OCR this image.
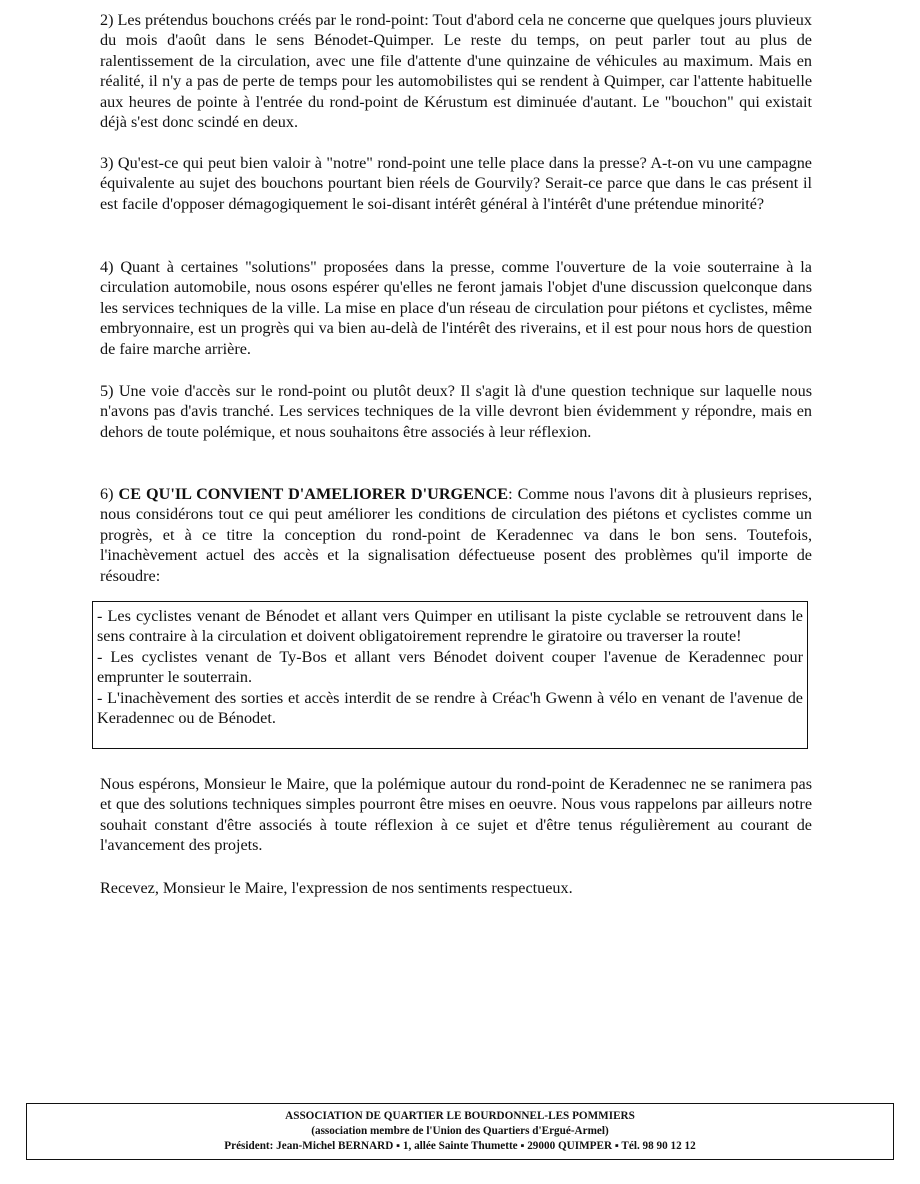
2) Les prétendus bouchons créés par le rond-point: Tout d'abord cela ne concerne que quelques jours pluvieux du mois d'août dans le sens Bénodet-Quimper. Le reste du temps, on peut parler tout au plus de ralentissement de la circulation, avec une file d'attente d'une quinzaine de véhicules au maximum. Mais en réalité, il n'y a pas de perte de temps pour les automobilistes qui se rendent à Quimper, car l'attente habituelle aux heures de pointe à l'entrée du rond-point de Kérustum est diminuée d'autant. Le "bouchon" qui existait déjà s'est donc scindé en deux.

3) Qu'est-ce qui peut bien valoir à "notre" rond-point une telle place dans la presse? A-t-on vu une campagne équivalente au sujet des bouchons pourtant bien réels de Gourvily? Serait-ce parce que dans le cas présent il est facile d'opposer démagogiquement le soi-disant intérêt général à l'intérêt d'une prétendue minorité?

4) Quant à certaines "solutions" proposées dans la presse, comme l'ouverture de la voie souterraine à la circulation automobile, nous osons espérer qu'elles ne feront jamais l'objet d'une discussion quelconque dans les services techniques de la ville. La mise en place d'un réseau de circulation pour piétons et cyclistes, même embryonnaire, est un progrès qui va bien au-delà de l'intérêt des riverains, et il est pour nous hors de question de faire marche arrière.

5) Une voie d'accès sur le rond-point ou plutôt deux? Il s'agit là d'une question technique sur laquelle nous n'avons pas d'avis tranché. Les services techniques de la ville devront bien évidemment y répondre, mais en dehors de toute polémique, et nous souhaitons être associés à leur réflexion.

6) CE QU'IL CONVIENT D'AMELIORER D'URGENCE: Comme nous l'avons dit à plusieurs reprises, nous considérons tout ce qui peut améliorer les conditions de circulation des piétons et cyclistes comme un progrès, et à ce titre la conception du rond-point de Keradennec va dans le bon sens. Toutefois, l'inachèvement actuel des accès et la signalisation défectueuse posent des problèmes qu'il importe de résoudre:

- Les cyclistes venant de Bénodet et allant vers Quimper en utilisant la piste cyclable se retrouvent dans le sens contraire à la circulation et doivent obligatoirement reprendre le giratoire ou traverser la route!

- Les cyclistes venant de Ty-Bos et allant vers Bénodet doivent couper l'avenue de Keradennec pour emprunter le souterrain.

- L'inachèvement des sorties et accès interdit de se rendre à Créac'h Gwenn à vélo en venant de l'avenue de Keradennec ou de Bénodet.

Nous espérons, Monsieur le Maire, que la polémique autour du rond-point de Keradennec ne se ranimera pas et que des solutions techniques simples pourront être mises en oeuvre. Nous vous rappelons par ailleurs notre souhait constant d'être associés à toute réflexion à ce sujet et d'être tenus régulièrement au courant de l'avancement des projets.

Recevez, Monsieur le Maire, l'expression de nos sentiments respectueux.

ASSOCIATION DE QUARTIER LE BOURDONNEL-LES POMMIERS

(association membre de l'Union des Quartiers d'Ergué-Armel)

Président: Jean-Michel BERNARD ▪ 1, allée Sainte Thumette ▪ 29000 QUIMPER ▪ Tél. 98 90 12 12
